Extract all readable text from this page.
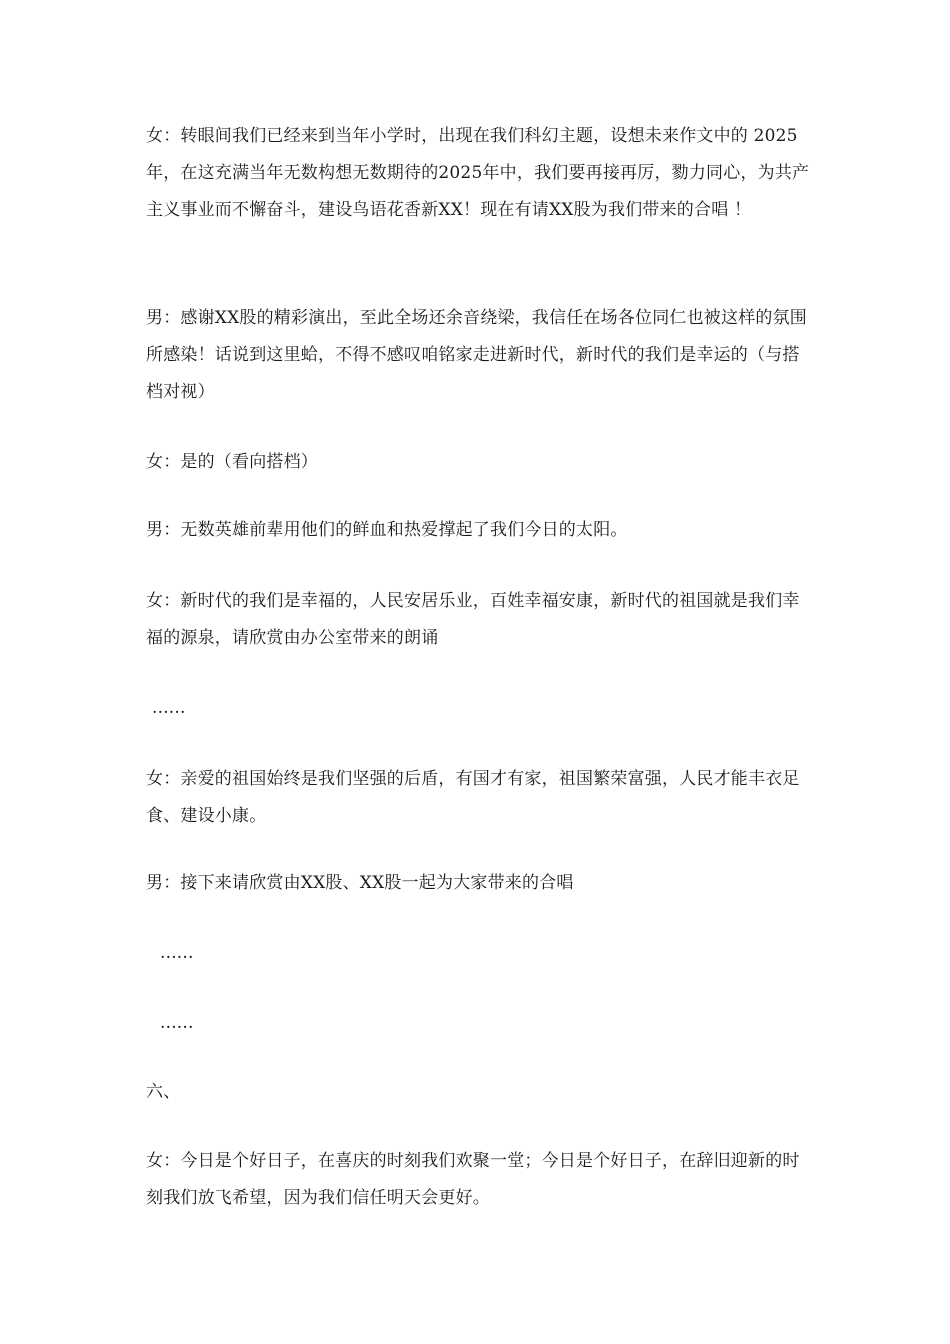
女：转眼间我们已经来到当年小学时，出现在我们科幻主题，设想未来作文中的 2025年，在这充满当年无数构想无数期待的2025年中，我们要再接再厉，勠力同心，为共产主义事业而不懈奋斗，建设鸟语花香新XX！现在有请XX股为我们带来的合唱 ！

男：感谢XX股的精彩演出，至此全场还余音绕梁，我信任在场各位同仁也被这样的氛围所感染！话说到这里蛤，不得不感叹咱铭家走进新时代，新时代的我们是幸运的（与搭档对视）

女：是的（看向搭档）

男：无数英雄前辈用他们的鲜血和热爱撑起了我们今日的太阳。

女：新时代的我们是幸福的，人民安居乐业，百姓幸福安康，新时代的祖国就是我们幸福的源泉，请欣赏由办公室带来的朗诵

......

女：亲爱的祖国始终是我们坚强的后盾，有国才有家，祖国繁荣富强，人民才能丰衣足食、建设小康。

男：接下来请欣赏由XX股、XX股一起为大家带来的合唱

......

......

六、

女：今日是个好日子，在喜庆的时刻我们欢聚一堂；今日是个好日子，在辞旧迎新的时刻我们放飞希望，因为我们信任明天会更好。
